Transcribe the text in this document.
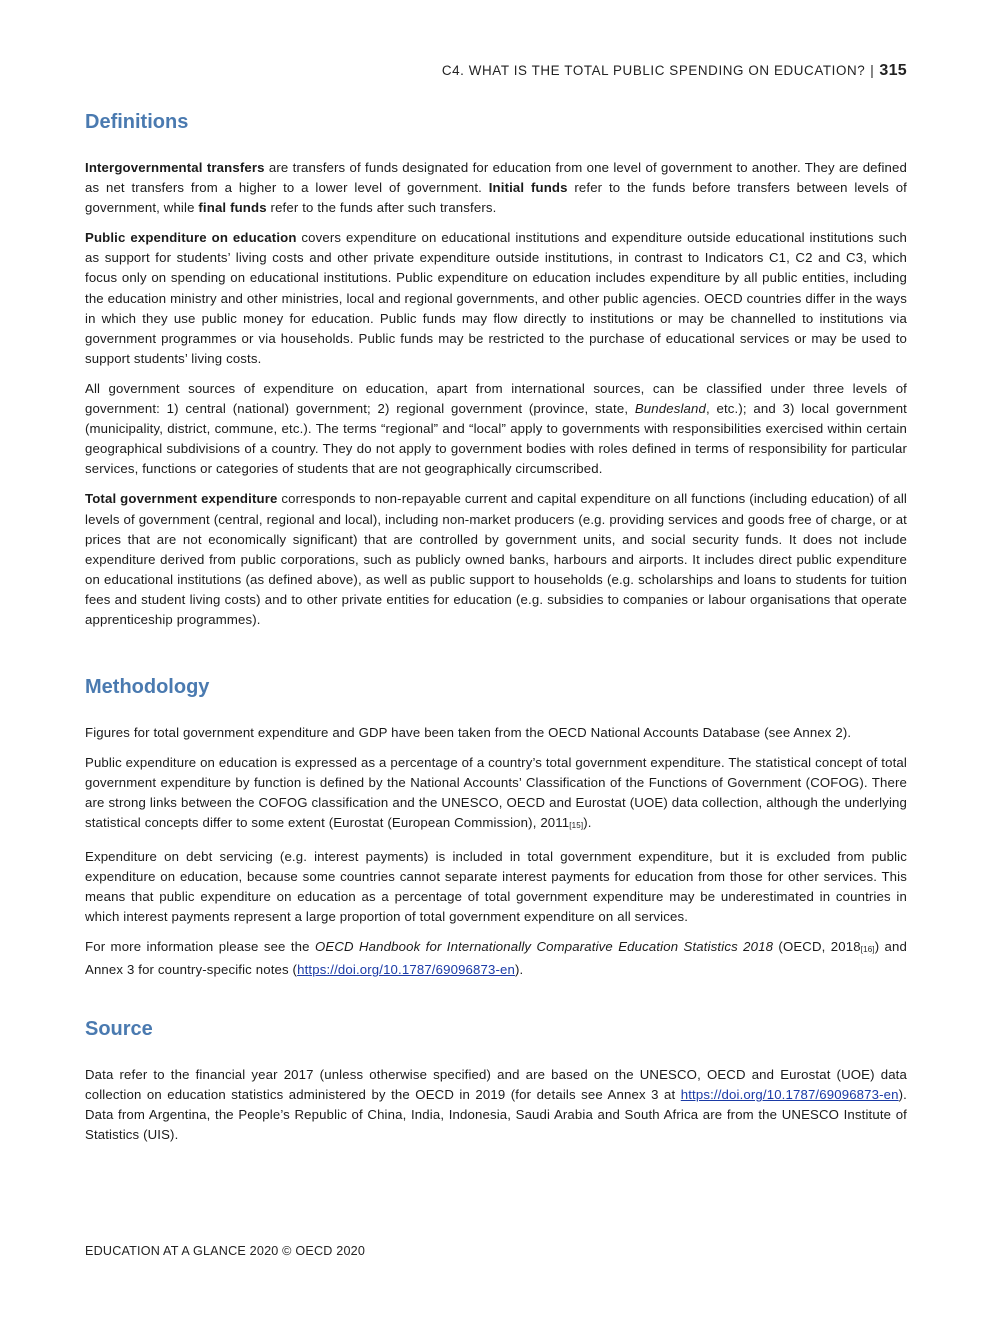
C4. WHAT IS THE TOTAL PUBLIC SPENDING ON EDUCATION? | 315
Definitions

Intergovernmental transfers are transfers of funds designated for education from one level of government to another. They are defined as net transfers from a higher to a lower level of government. Initial funds refer to the funds before transfers between levels of government, while final funds refer to the funds after such transfers.

Public expenditure on education covers expenditure on educational institutions and expenditure outside educational institutions such as support for students’ living costs and other private expenditure outside institutions, in contrast to Indicators C1, C2 and C3, which focus only on spending on educational institutions. Public expenditure on education includes expenditure by all public entities, including the education ministry and other ministries, local and regional governments, and other public agencies. OECD countries differ in the ways in which they use public money for education. Public funds may flow directly to institutions or may be channelled to institutions via government programmes or via households. Public funds may be restricted to the purchase of educational services or may be used to support students’ living costs.

All government sources of expenditure on education, apart from international sources, can be classified under three levels of government: 1) central (national) government; 2) regional government (province, state, Bundesland, etc.); and 3) local government (municipality, district, commune, etc.). The terms “regional” and “local” apply to governments with responsibilities exercised within certain geographical subdivisions of a country. They do not apply to government bodies with roles defined in terms of responsibility for particular services, functions or categories of students that are not geographically circumscribed.

Total government expenditure corresponds to non-repayable current and capital expenditure on all functions (including education) of all levels of government (central, regional and local), including non-market producers (e.g. providing services and goods free of charge, or at prices that are not economically significant) that are controlled by government units, and social security funds. It does not include expenditure derived from public corporations, such as publicly owned banks, harbours and airports. It includes direct public expenditure on educational institutions (as defined above), as well as public support to households (e.g. scholarships and loans to students for tuition fees and student living costs) and to other private entities for education (e.g. subsidies to companies or labour organisations that operate apprenticeship programmes).

Methodology

Figures for total government expenditure and GDP have been taken from the OECD National Accounts Database (see Annex 2).

Public expenditure on education is expressed as a percentage of a country’s total government expenditure. The statistical concept of total government expenditure by function is defined by the National Accounts’ Classification of the Functions of Government (COFOG). There are strong links between the COFOG classification and the UNESCO, OECD and Eurostat (UOE) data collection, although the underlying statistical concepts differ to some extent (Eurostat (European Commission), $2011_{[15]}$).

Expenditure on debt servicing (e.g. interest payments) is included in total government expenditure, but it is excluded from public expenditure on education, because some countries cannot separate interest payments for education from those for other services. This means that public expenditure on education as a percentage of total government expenditure may be underestimated in countries in which interest payments represent a large proportion of total government expenditure on all services.

For more information please see the OECD Handbook for Internationally Comparative Education Statistics 2018 (OECD, $2018_{[16]}$) and Annex 3 for country-specific notes (https://doi.org/10.1787/69096873-en).

Source

Data refer to the financial year 2017 (unless otherwise specified) and are based on the UNESCO, OECD and Eurostat (UOE) data collection on education statistics administered by the OECD in 2019 (for details see Annex 3 at https://doi.org/10.1787/69096873-en). Data from Argentina, the People’s Republic of China, India, Indonesia, Saudi Arabia and South Africa are from the UNESCO Institute of Statistics (UIS).

EDUCATION AT A GLANCE 2020 © OECD 2020
